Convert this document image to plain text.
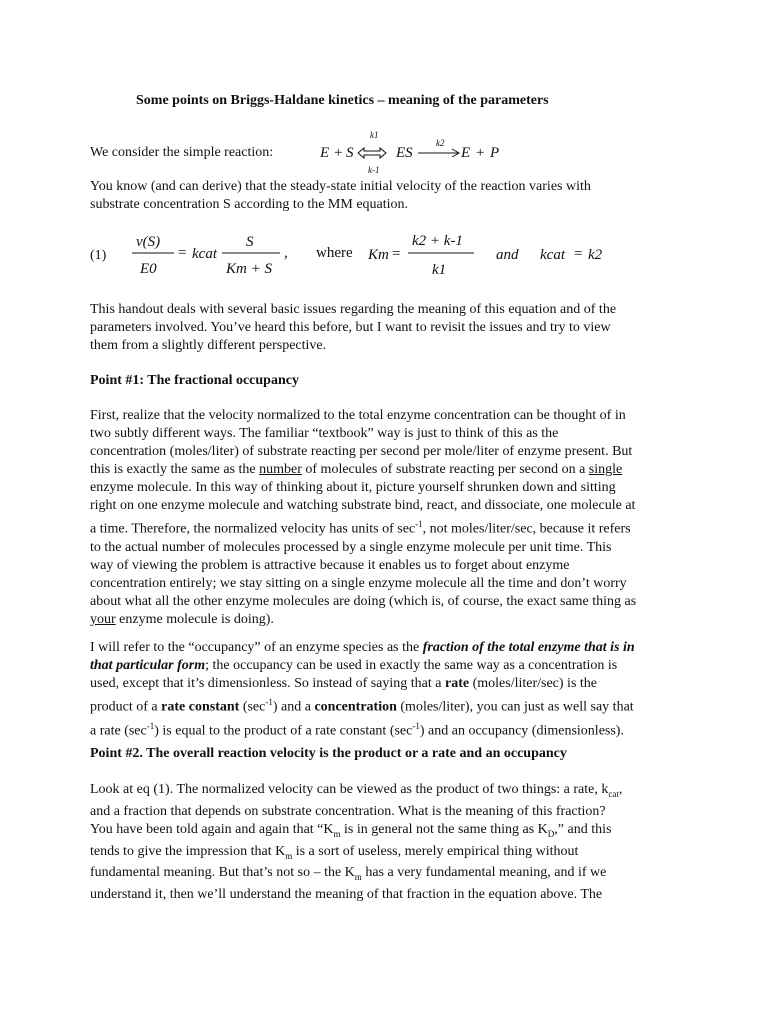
Some points on Briggs-Haldane kinetics – meaning of the parameters
We consider the simple reaction:	E + S
k1
k-1
ES
k2
E + P
You know (and can derive) that the steady-state initial velocity of the reaction varies with
substrate concentration S according to the MM equation.
(1)
v(S)
E0
= kcat
S
Km + S
, where Km =
k2 + k-1
k1
and kcat = k2
This handout deals with several basic issues regarding the meaning of this equation and of the
parameters involved. You’ve heard this before, but I want to revisit the issues and try to view
them from a slightly different perspective.
Point #1: The fractional occupancy
First, realize that the velocity normalized to the total enzyme concentration can be thought of in
two subtly different ways. The familiar “textbook” way is just to think of this as the
concentration (moles/liter) of substrate reacting per second per mole/liter of enzyme present. But
this is exactly the same as the number of molecules of substrate reacting per second on a single
enzyme molecule. In this way of thinking about it, picture yourself shrunken down and sitting
right on one enzyme molecule and watching substrate bind, react, and dissociate, one molecule at
a time. Therefore, the normalized velocity has units of $\sec^{-1}$, not moles/liter/sec, because it refers
to the actual number of molecules processed by a single enzyme molecule per unit time. This
way of viewing the problem is attractive because it enables us to forget about enzyme
concentration entirely; we stay sitting on a single enzyme molecule all the time and don’t worry
about what all the other enzyme molecules are doing (which is, of course, the exact same thing as
your enzyme molecule is doing).
I will refer to the “occupancy” of an enzyme species as the fraction of the total enzyme that is in
that particular form; the occupancy can be used in exactly the same way as a concentration is
used, except that it’s dimensionless. So instead of saying that a rate (moles/liter/sec) is the
product of a rate constant $(\sec^{-1})$ and a concentration (moles/liter), you can just as well say that
a rate $(\sec^{-1})$ is equal to the product of a rate constant $(\sec^{-1})$ and an occupancy (dimensionless).
Point #2. The overall reaction velocity is the product or a rate and an occupancy
Look at eq (1). The normalized velocity can be viewed as the product of two things: a rate, $k_{cat}$,
and a fraction that depends on substrate concentration. What is the meaning of this fraction?
You have been told again and again that “$K_m$ is in general not the same thing as $K_D$,” and this
tends to give the impression that $K_m$ is a sort of useless, merely empirical thing without
fundamental meaning. But that’s not so – the $K_m$ has a very fundamental meaning, and if we
understand it, then we’ll understand the meaning of that fraction in the equation above. The
